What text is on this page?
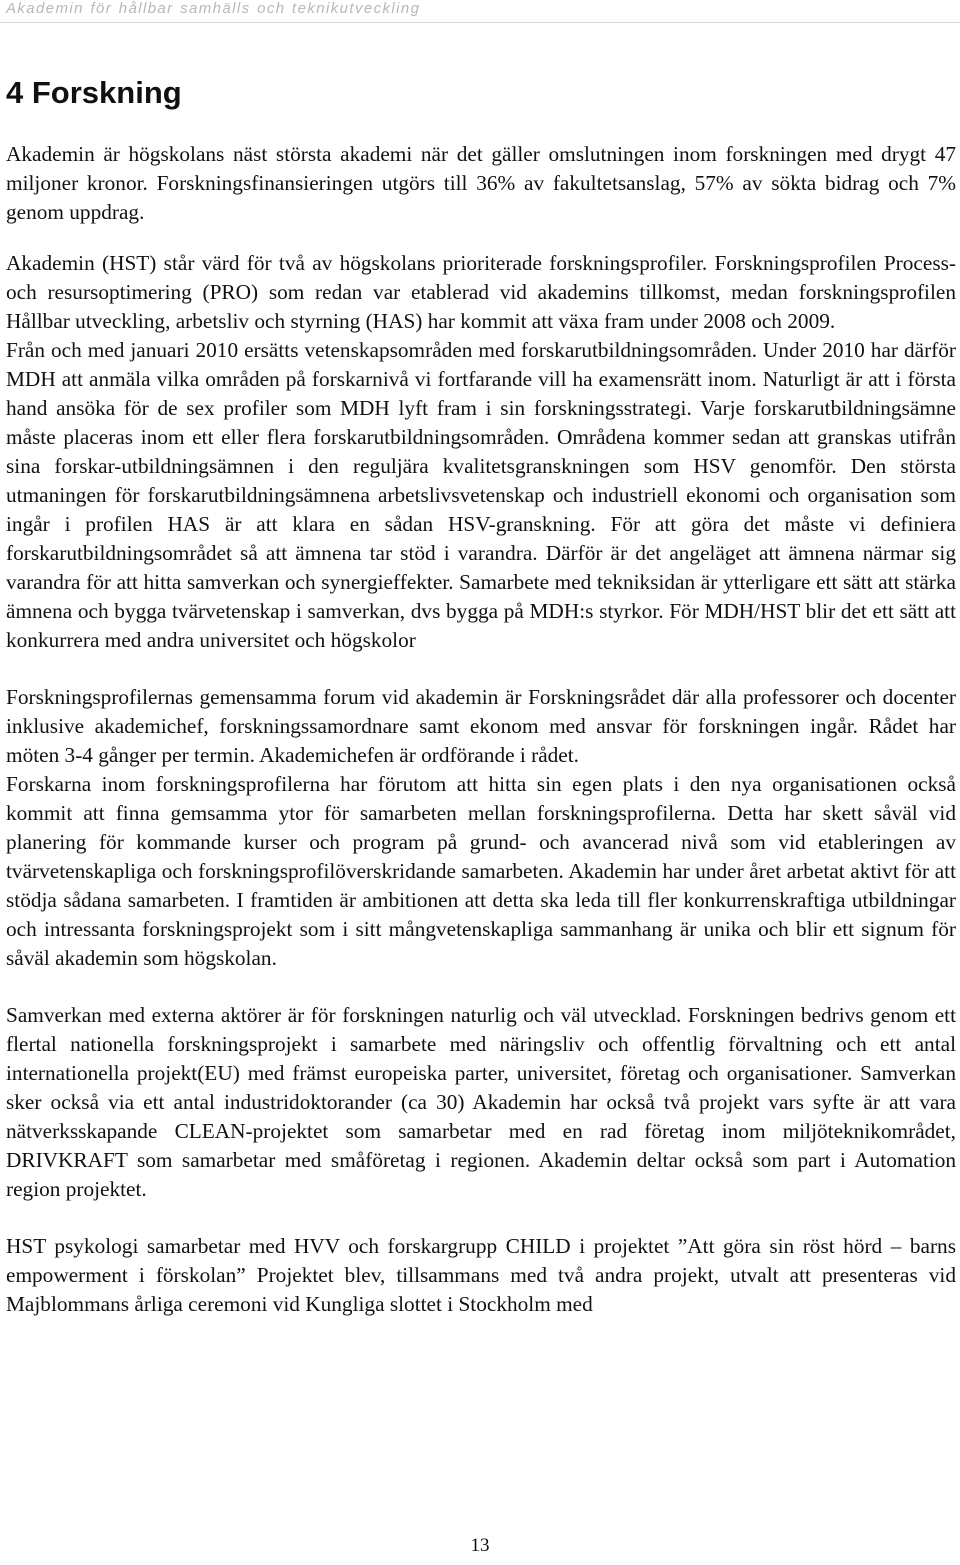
Akademin för hållbar samhälls och teknikutveckling
4 Forskning

Akademin är högskolans näst största akademi när det gäller omslutningen inom forskningen med drygt 47 miljoner kronor. Forskningsfinansieringen utgörs till 36% av fakultetsanslag, 57% av sökta bidrag och 7% genom uppdrag.

Akademin (HST) står värd för två av högskolans prioriterade forskningsprofiler. Forskningsprofilen Process- och resursoptimering (PRO) som redan var etablerad vid akademins tillkomst, medan forskningsprofilen Hållbar utveckling, arbetsliv och styrning (HAS) har kommit att växa fram under 2008 och 2009.

Från och med januari 2010 ersätts vetenskapsområden med forskarutbildningsområden. Under 2010 har därför MDH att anmäla vilka områden på forskarnivå vi fortfarande vill ha examensrätt inom. Naturligt är att i första hand ansöka för de sex profiler som MDH lyft fram i sin forskningsstrategi. Varje forskarutbildningsämne måste placeras inom ett eller flera forskarutbildningsområden. Områdena kommer sedan att granskas utifrån sina forskar-utbildningsämnen i den reguljära kvalitetsgranskningen som HSV genomför. Den största utmaningen för forskarutbildningsämnena arbetslivsvetenskap och industriell ekonomi och organisation som ingår i profilen HAS är att klara en sådan HSV-granskning. För att göra det måste vi definiera forskarutbildningsområdet så att ämnena tar stöd i varandra. Därför är det angeläget att ämnena närmar sig varandra för att hitta samverkan och synergieffekter. Samarbete med tekniksidan är ytterligare ett sätt att stärka ämnena och bygga tvärvetenskap i samverkan, dvs bygga på MDH:s styrkor. För MDH/HST blir det ett sätt att konkurrera med andra universitet och högskolor

Forskningsprofilernas gemensamma forum vid akademin är Forskningsrådet där alla professorer och docenter inklusive akademichef, forskningssamordnare samt ekonom med ansvar för forskningen ingår. Rådet har möten 3-4 gånger per termin. Akademichefen är ordförande i rådet.

Forskarna inom forskningsprofilerna har förutom att hitta sin egen plats i den nya organisationen också kommit att finna gemsamma ytor för samarbeten mellan forskningsprofilerna. Detta har skett såväl vid planering för kommande kurser och program på grund- och avancerad nivå som vid etableringen av tvärvetenskapliga och forskningsprofilöverskridande samarbeten. Akademin har under året arbetat aktivt för att stödja sådana samarbeten. I framtiden är ambitionen att detta ska leda till fler konkurrenskraftiga utbildningar och intressanta forskningsprojekt som i sitt mångvetenskapliga sammanhang är unika och blir ett signum för såväl akademin som högskolan.

Samverkan med externa aktörer är för forskningen naturlig och väl utvecklad. Forskningen bedrivs genom ett flertal nationella forskningsprojekt i samarbete med näringsliv och offentlig förvaltning och ett antal internationella projekt(EU) med främst europeiska parter, universitet, företag och organisationer. Samverkan sker också via ett antal industridoktorander (ca 30) Akademin har också två projekt vars syfte är att vara nätverksskapande CLEAN-projektet som samarbetar med en rad företag inom miljöteknikområdet, DRIVKRAFT som samarbetar med småföretag i regionen. Akademin deltar också som part i Automation region projektet.

HST psykologi samarbetar med HVV och forskargrupp CHILD i projektet ”Att göra sin röst hörd – barns empowerment i förskolan” Projektet blev, tillsammans med två andra projekt, utvalt att presenteras vid Majblommans årliga ceremoni vid Kungliga slottet i Stockholm med

13
